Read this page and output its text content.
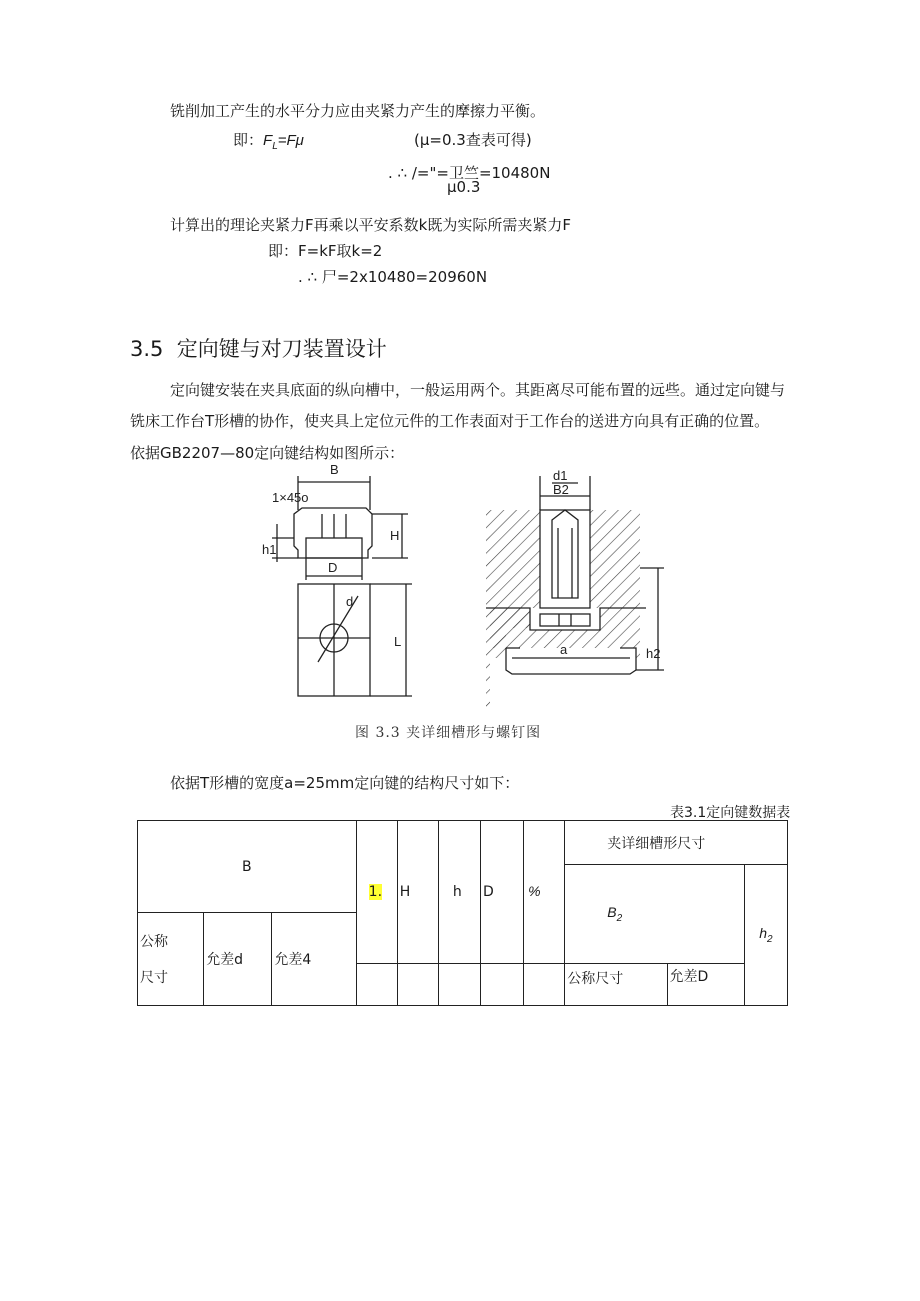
铣削加工产生的水平分力应由夹紧力产生的摩擦力平衡。
即：$F_L=F\mu$	(μ=0.3查表可得)
. ∴ /="=卫竺=10480N
μ0.3
计算出的理论夹紧力F再乘以平安系数k既为实际所需夹紧力F
即：F=kF取k=2
. ∴ 尸=2x10480=20960N
3.5 定向键与对刀装置设计
定向键安装在夹具底面的纵向槽中，一般运用两个。其距离尽可能布置的远些。通过定向键与
铣床工作台T形槽的协作，使夹具上定位元件的工作表面对于工作台的送进方向具有正确的位置。
依据GB2207—80定向键结构如图所示：
B
1×45o
H
h1
D
d
L
d1
B2
h2
a
图 3.3 夹详细槽形与螺钉图
依据T形槽的宽度a=25mm定向键的结构尺寸如下：
表3.1定向键数据表
B			1.	H	h	D	%	夹详细槽形尺寸		
								$B_2$		$h_2$
公称

尺寸	允差d	允差4								
								公称尺寸	允差D	
